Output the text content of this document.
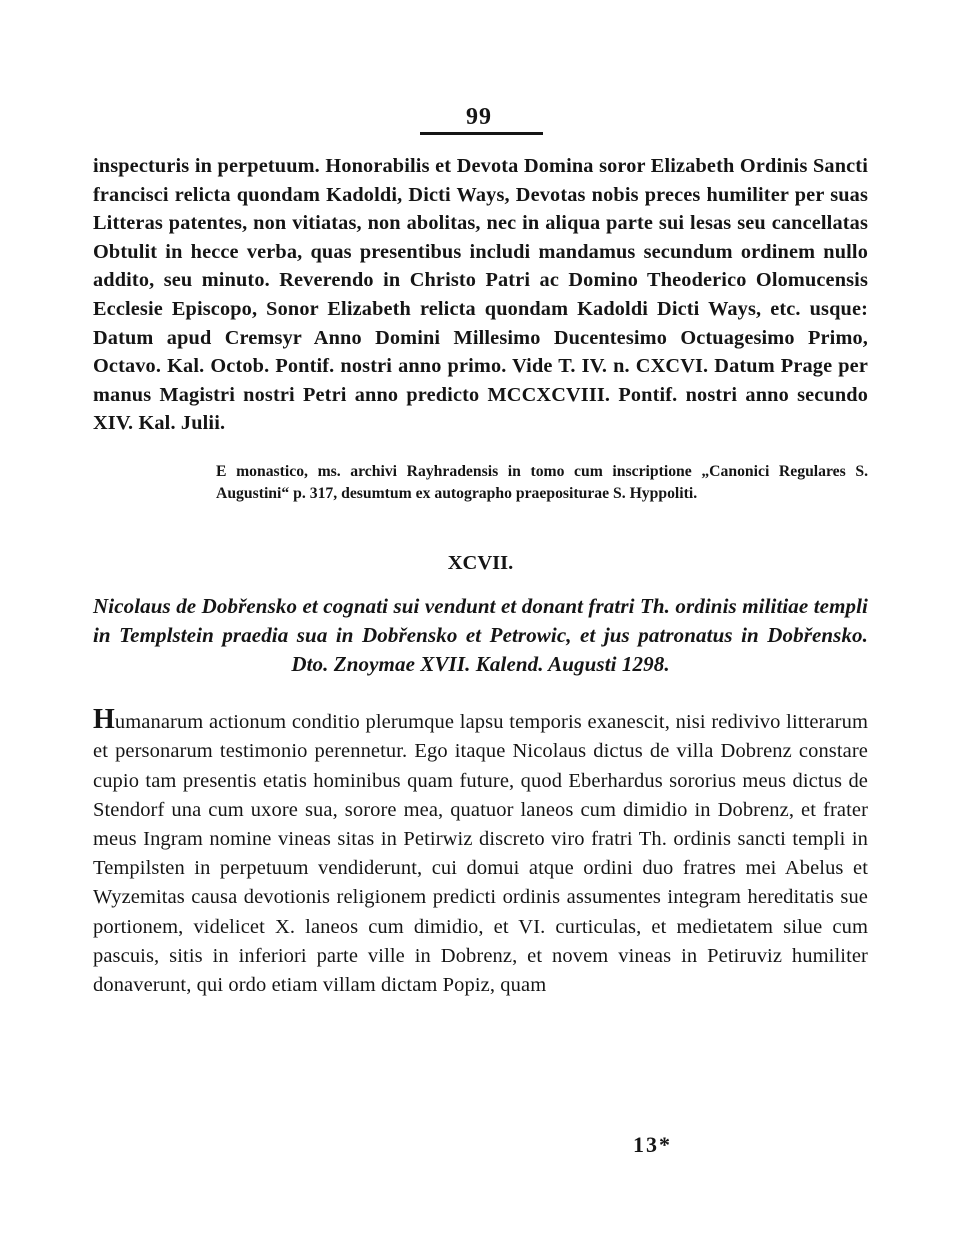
99

inspecturis in perpetuum. Honorabilis et Devota Domina soror Elizabeth Ordinis Sancti francisci relicta quondam Kadoldi, Dicti Ways, Devotas nobis preces humiliter per suas Litteras patentes, non vitiatas, non abolitas, nec in aliqua parte sui lesas seu cancellatas Obtulit in hecce verba, quas presentibus includi mandamus secundum ordinem nullo addito, seu minuto. Reverendo in Christo Patri ac Domino Theoderico Olomucensis Ecclesie Episcopo, Sonor Elizabeth relicta quondam Kadoldi Dicti Ways, etc. usque: Datum apud Cremsyr Anno Domini Millesimo Ducentesimo Octuagesimo Primo, Octavo. Kal. Octob. Pontif. nostri anno primo. Vide T. IV. n. CXCVI. Datum Prage per manus Magistri nostri Petri anno predicto MCCXCVIII. Pontif. nostri anno secundo XIV. Kal. Julii.

E monastico, ms. archivi Rayhradensis in tomo cum inscriptione „Canonici Regulares S. Augustini“ p. 317, desumtum ex autographo praepositurae S. Hyppoliti.

XCVII.

Nicolaus de Dobřensko et cognati sui vendunt et donant fratri Th. ordinis militiae templi in Templstein praedia sua in Dobřensko et Petrowic, et jus patronatus in Dobřensko. Dto. Znoymae XVII. Kalend. Augusti 1298.

Humanarum actionum conditio plerumque lapsu temporis exanescit, nisi redivivo litterarum et personarum testimonio perennetur. Ego itaque Nicolaus dictus de villa Dobrenz constare cupio tam presentis etatis hominibus quam future, quod Eberhardus sororius meus dictus de Stendorf una cum uxore sua, sorore mea, quatuor laneos cum dimidio in Dobrenz, et frater meus Ingram nomine vineas sitas in Petirwiz discreto viro fratri Th. ordinis sancti templi in Tempilsten in perpetuum vendiderunt, cui domui atque ordini duo fratres mei Abelus et Wyzemitas causa devotionis religionem predicti ordinis assumentes integram hereditatis sue portionem, videlicet X. laneos cum dimidio, et VI. curticulas, et medietatem silue cum pascuis, sitis in inferiori parte ville in Dobrenz, et novem vineas in Petiruviz humiliter donaverunt, qui ordo etiam villam dictam Popiz, quam

13*
